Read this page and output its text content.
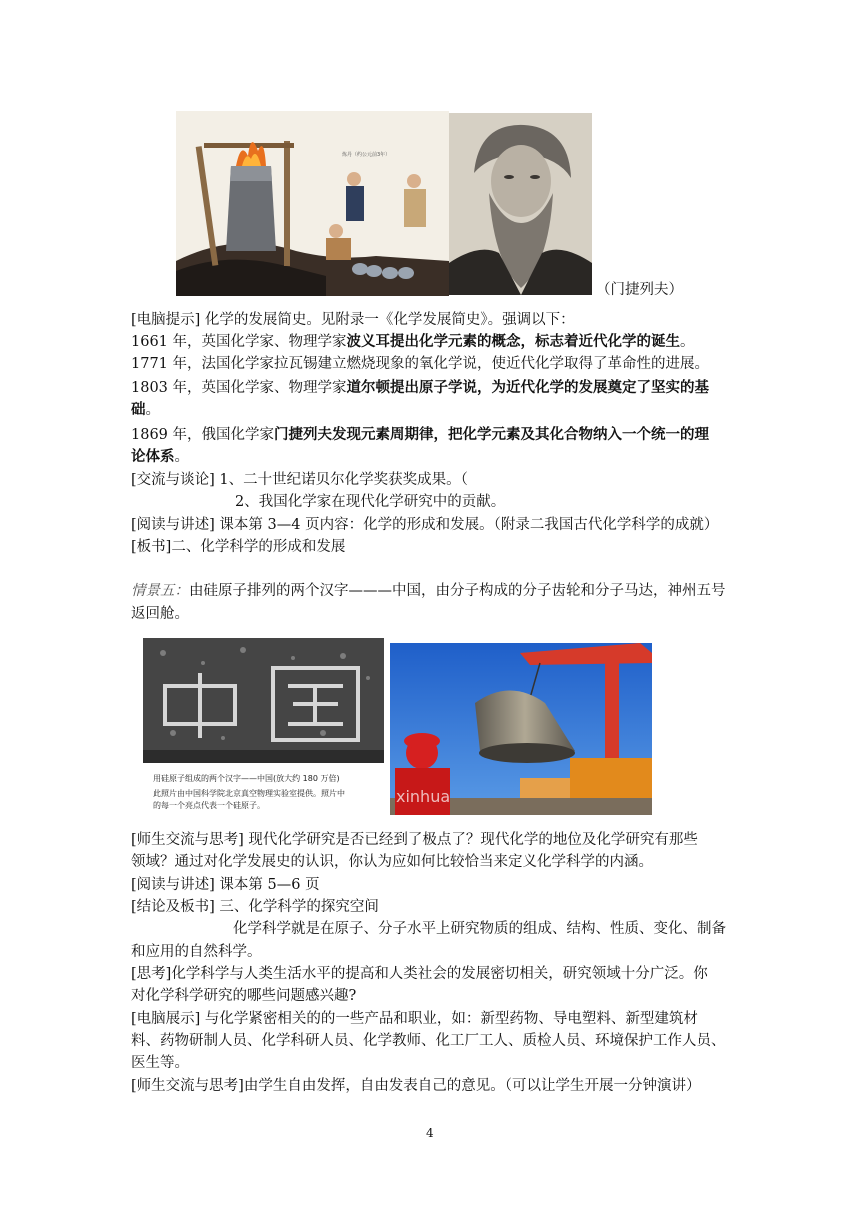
炼丹（约公元前3年）
（门捷列夫）
[电脑提示] 化学的发展简史。见附录一《化学发展简史》。强调以下：
1661 年，英国化学家、物理学家波义耳提出化学元素的概念，标志着近代化学的诞生。
1771 年，法国化学家拉瓦锡建立燃烧现象的氧化学说，使近代化学取得了革命性的进展。
1803 年，英国化学家、物理学家道尔顿提出原子学说，为近代化学的发展奠定了坚实的基
础。
1869 年，俄国化学家门捷列夫发现元素周期律，把化学元素及其化合物纳入一个统一的理
论体系。
[交流与谈论] 1、二十世纪诺贝尔化学奖获奖成果。（
2、我国化学家在现代化学研究中的贡献。
[阅读与讲述] 课本第 3—4 页内容：化学的形成和发展。（附录二我国古代化学科学的成就）
[板书]二、化学科学的形成和发展
情景五：由硅原子排列的两个汉字———中国，由分子构成的分子齿轮和分子马达，神州五号
返回舱。
用硅原子组成的两个汉字——中国(放大约 180 万倍)
此照片由中国科学院北京真空物理实验室提供。照片中
的每一个亮点代表一个硅原子。	xinhua
[师生交流与思考] 现代化学研究是否已经到了极点了？现代化学的地位及化学研究有那些
领域？通过对化学发展史的认识，你认为应如何比较恰当来定义化学科学的内涵。
[阅读与讲述] 课本第 5—6 页
[结论及板书] 三、化学科学的探究空间
化学科学就是在原子、分子水平上研究物质的组成、结构、性质、变化、制备
和应用的自然科学。
[思考]化学科学与人类生活水平的提高和人类社会的发展密切相关，研究领域十分广泛。你
对化学科学研究的哪些问题感兴趣?
[电脑展示] 与化学紧密相关的的一些产品和职业，如：新型药物、导电塑料、新型建筑材
料、药物研制人员、化学科研人员、化学教师、化工厂工人、质检人员、环境保护工作人员、
医生等。
[师生交流与思考]由学生自由发挥，自由发表自己的意见。（可以让学生开展一分钟演讲）
4
